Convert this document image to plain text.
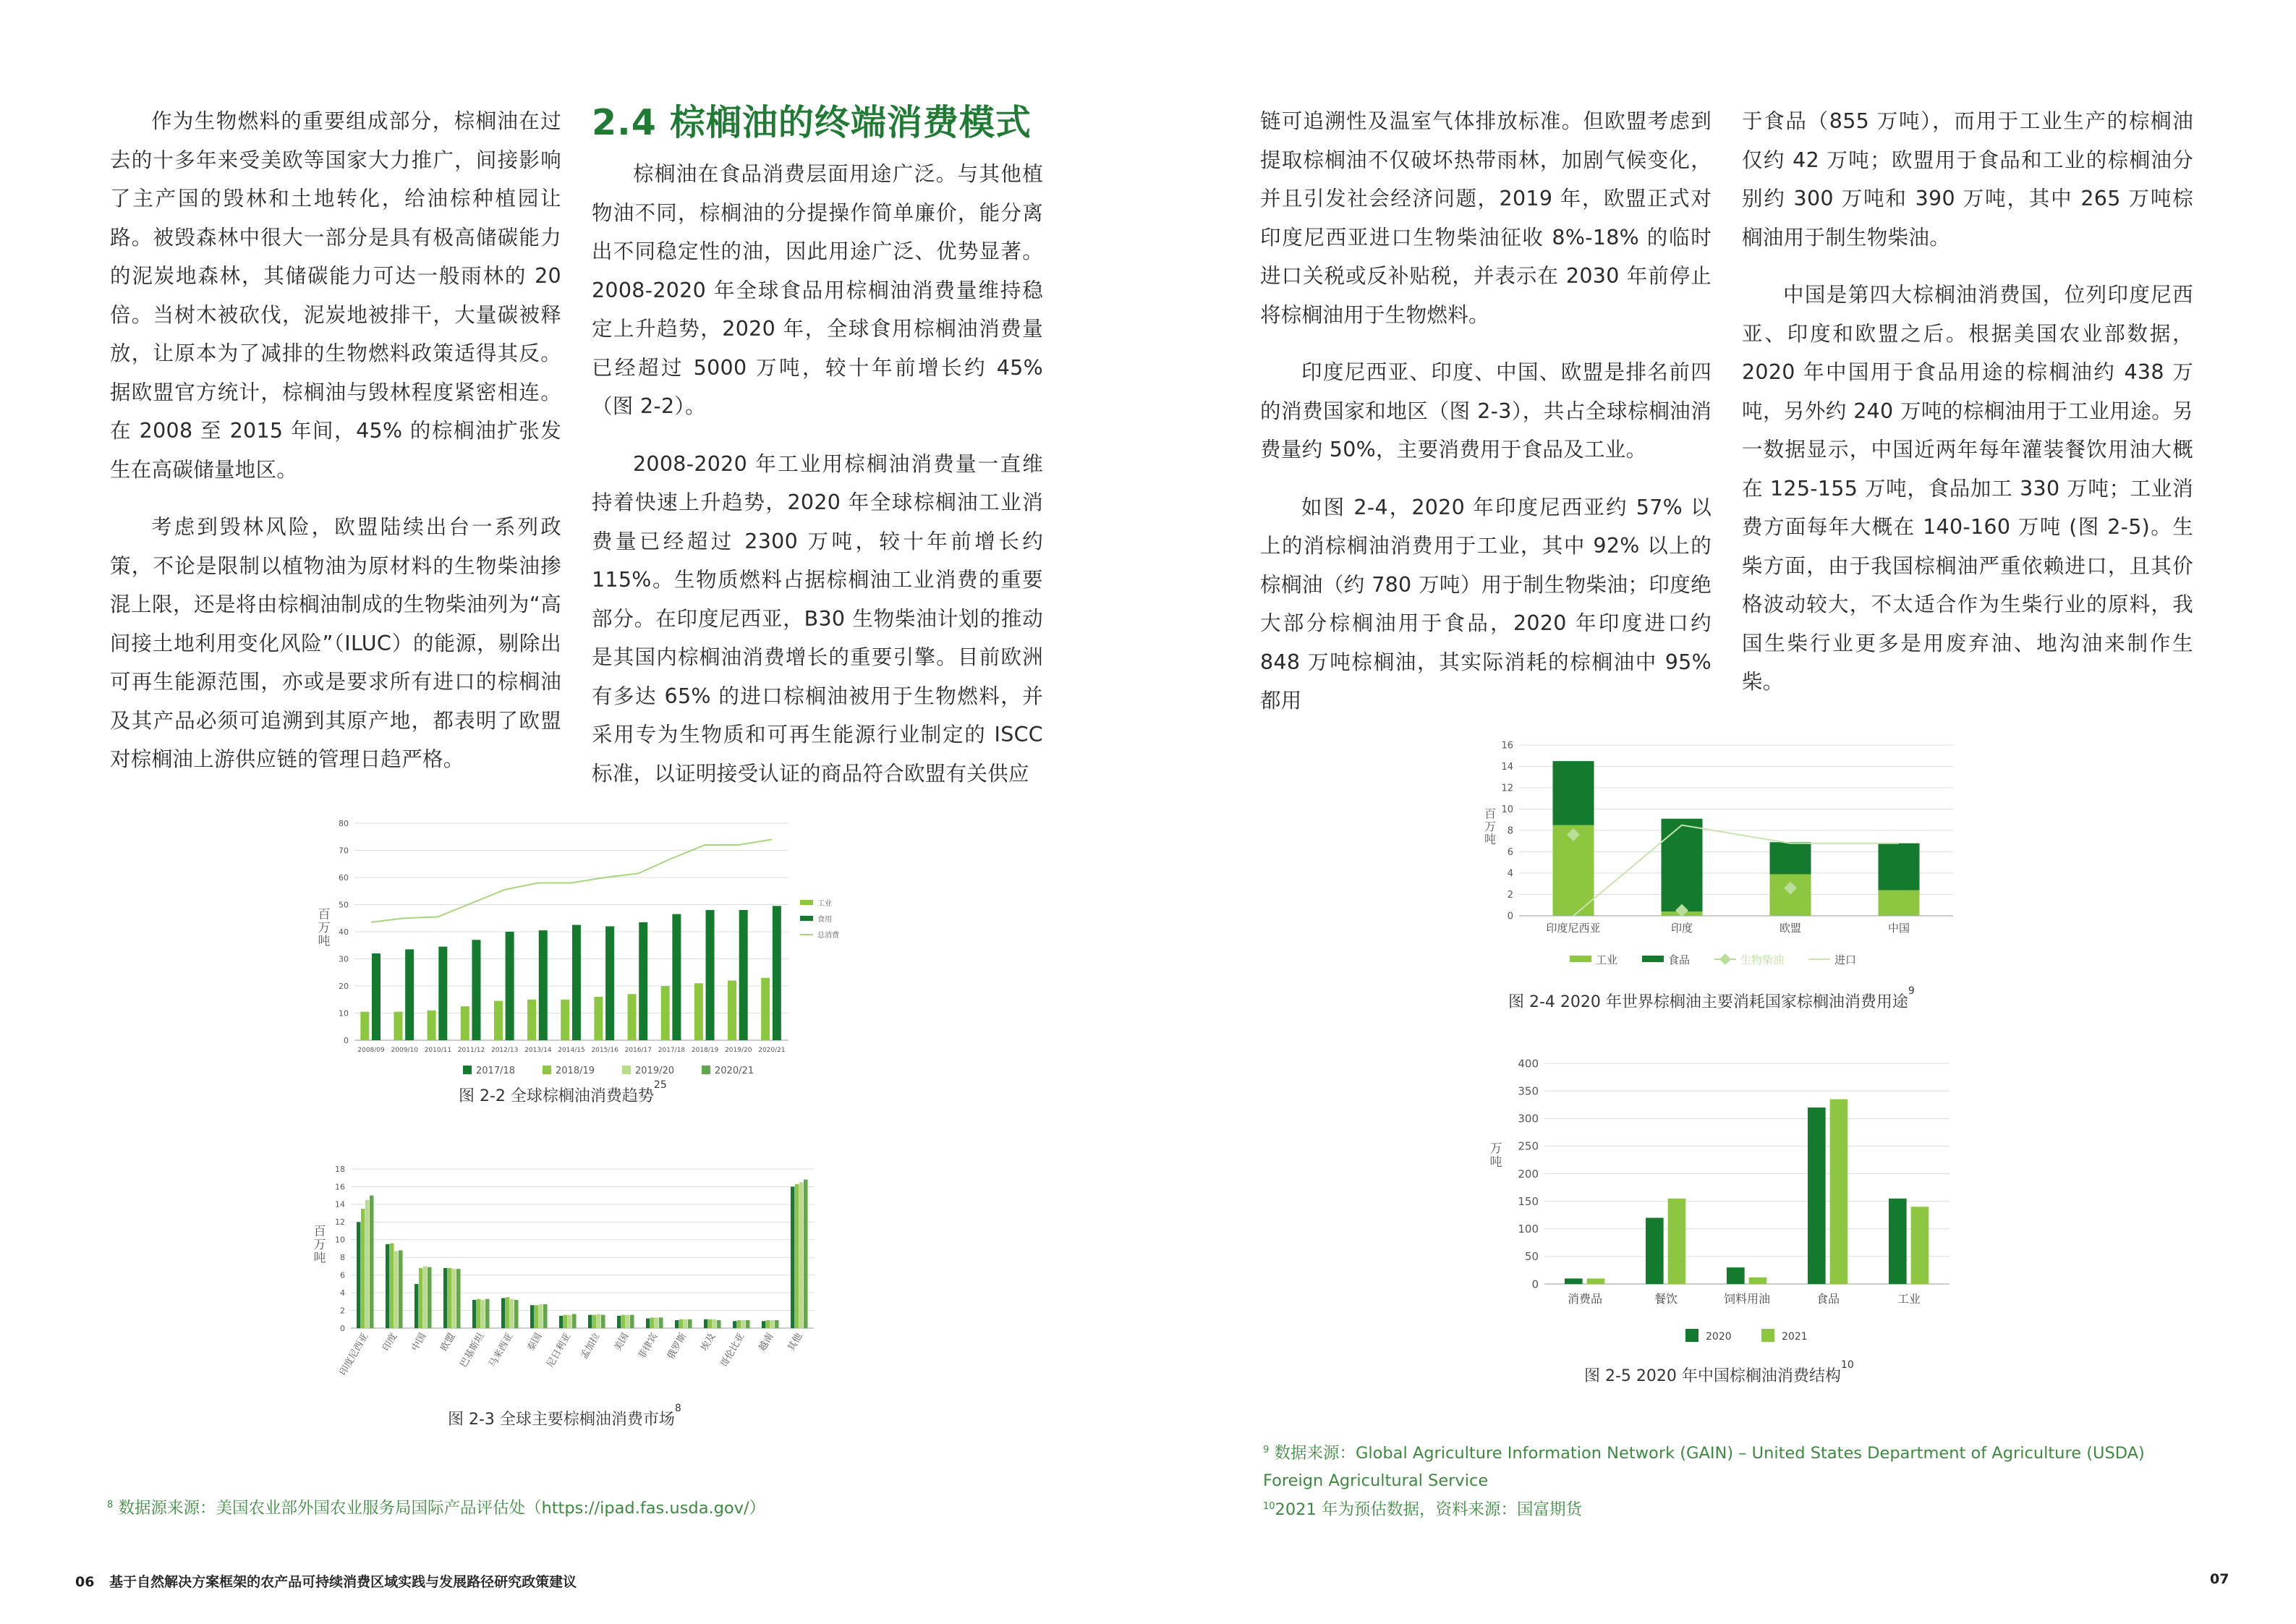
作为生物燃料的重要组成部分，棕榈油在过去的十多年来受美欧等国家大力推广，间接影响了主产国的毁林和土地转化，给油棕种植园让路。被毁森林中很大一部分是具有极高储碳能力的泥炭地森林，其储碳能力可达一般雨林的 20 倍。当树木被砍伐，泥炭地被排干，大量碳被释放，让原本为了减排的生物燃料政策适得其反。据欧盟官方统计，棕榈油与毁林程度紧密相连。在 2008 至 2015 年间，45% 的棕榈油扩张发生在高碳储量地区。

考虑到毁林风险，欧盟陆续出台一系列政策，不论是限制以植物油为原材料的生物柴油掺混上限，还是将由棕榈油制成的生物柴油列为“高间接土地利用变化风险”（ILUC）的能源，剔除出可再生能源范围，亦或是要求所有进口的棕榈油及其产品必须可追溯到其原产地，都表明了欧盟对棕榈油上游供应链的管理日趋严格。

2.4 棕榈油的终端消费模式

棕榈油在食品消费层面用途广泛。与其他植物油不同，棕榈油的分提操作简单廉价，能分离出不同稳定性的油，因此用途广泛、优势显著。2008-2020 年全球食品用棕榈油消费量维持稳定上升趋势，2020 年，全球食用棕榈油消费量已经超过 5000 万吨，较十年前增长约 45%（图 2-2）。

2008-2020 年工业用棕榈油消费量一直维持着快速上升趋势，2020 年全球棕榈油工业消费量已经超过 2300 万吨，较十年前增长约 115%。生物质燃料占据棕榈油工业消费的重要部分。在印度尼西亚，B30 生物柴油计划的推动是其国内棕榈油消费增长的重要引擎。目前欧洲有多达 65% 的进口棕榈油被用于生物燃料，并采用专为生物质和可再生能源行业制定的 ISCC 标准，以证明接受认证的商品符合欧盟有关供应

0
10
20
30
40
50
60
70
80
百
万
吨
2008/09 2009/10 2010/11 2011/12 2012/13 2013/14 2014/15 2015/16 2016/17 2017/18 2018/19 2019/20 2020/21
工业
食用
总消费
2017/18	2018/19	2019/20	2020/21
图 2-2 全球棕榈油消费趋势$^{25}$
0
2
4
6
8
10
12
14
16
18
百
万
吨
印度尼西亚 印度 中国 欧盟 巴基斯坦 马来西亚 泰国 尼日利亚 孟加拉 美国 菲律宾 俄罗斯 埃及 哥伦比亚 越南 其他
图 2-3 全球主要棕榈油消费市场$^8$
$^8$ 数据源来源：美国农业部外国农业服务局国际产品评估处（https://ipad.fas.usda.gov/）

链可追溯性及温室气体排放标准。但欧盟考虑到提取棕榈油不仅破坏热带雨林，加剧气候变化，并且引发社会经济问题，2019 年，欧盟正式对印度尼西亚进口生物柴油征收 8%-18% 的临时进口关税或反补贴税，并表示在 2030 年前停止将棕榈油用于生物燃料。

印度尼西亚、印度、中国、欧盟是排名前四的消费国家和地区（图 2-3），共占全球棕榈油消费量约 50%，主要消费用于食品及工业。

如图 2-4，2020 年印度尼西亚约 57% 以上的消棕榈油消费用于工业，其中 92% 以上的棕榈油（约 780 万吨）用于制生物柴油；印度绝大部分棕榈油用于食品，2020 年印度进口约 848 万吨棕榈油，其实际消耗的棕榈油中 95% 都用

于食品（855 万吨），而用于工业生产的棕榈油仅约 42 万吨；欧盟用于食品和工业的棕榈油分别约 300 万吨和 390 万吨，其中 265 万吨棕榈油用于制生物柴油。

中国是第四大棕榈油消费国，位列印度尼西亚、印度和欧盟之后。根据美国农业部数据，2020 年中国用于食品用途的棕榈油约 438 万吨，另外约 240 万吨的棕榈油用于工业用途。另一数据显示，中国近两年每年灌装餐饮用油大概在 125-155 万吨，食品加工 330 万吨；工业消费方面每年大概在 140-160 万吨 (图 2-5)。生柴方面，由于我国棕榈油严重依赖进口，且其价格波动较大，不太适合作为生柴行业的原料，我国生柴行业更多是用废弃油、地沟油来制作生柴。

0
2
4
6
8
10
12
14
16
百
万
吨
印度尼西亚	印度	欧盟	中国
工业	食品	生物柴油	进口
图 2-4 2020 年世界棕榈油主要消耗国家棕榈油消费用途$^9$
0
50
100
150
200
250
300
350
400
万
吨
消费品	餐饮	饲料用油	食品	工业
2020	2021
图 2-5 2020 年中国棕榈油消费结构$^{10}$
$^9$ 数据来源：Global Agriculture Information Network (GAIN) – United States Department of Agriculture (USDA) Foreign Agricultural Service
$^{10}$2021 年为预估数据，资料来源：国富期货
06 基于自然解决方案框架的农产品可持续消费区域实践与发展路径研究政策建议	07
